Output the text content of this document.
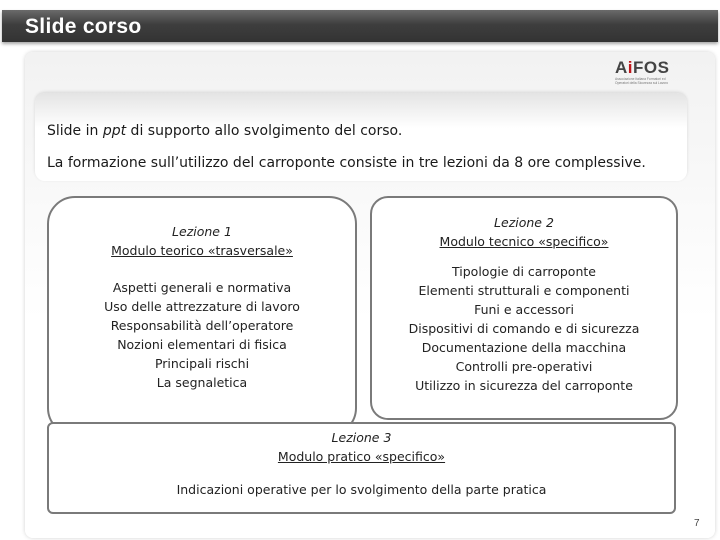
Slide corso
AiFOS
Associazione Italiana Formatori ed Operatori della Sicurezza sul Lavoro

Slide in ppt di supporto allo svolgimento del corso.

La formazione sull’utilizzo del carroponte consiste in tre lezioni da 8 ore complessive.

Lezione 1
Modulo teorico «trasversale»
Aspetti generali e normativa
Uso delle attrezzature di lavoro
Responsabilità dell’operatore
Nozioni elementari di fisica
Principali rischi
La segnaletica
Lezione 2
Modulo tecnico «specifico»
Tipologie di carroponte
Elementi strutturali e componenti
Funi e accessori
Dispositivi di comando e di sicurezza
Documentazione della macchina
Controlli pre-operativi
Utilizzo in sicurezza del carroponte
Lezione 3
Modulo pratico «specifico»
Indicazioni operative per lo svolgimento della parte pratica
7
